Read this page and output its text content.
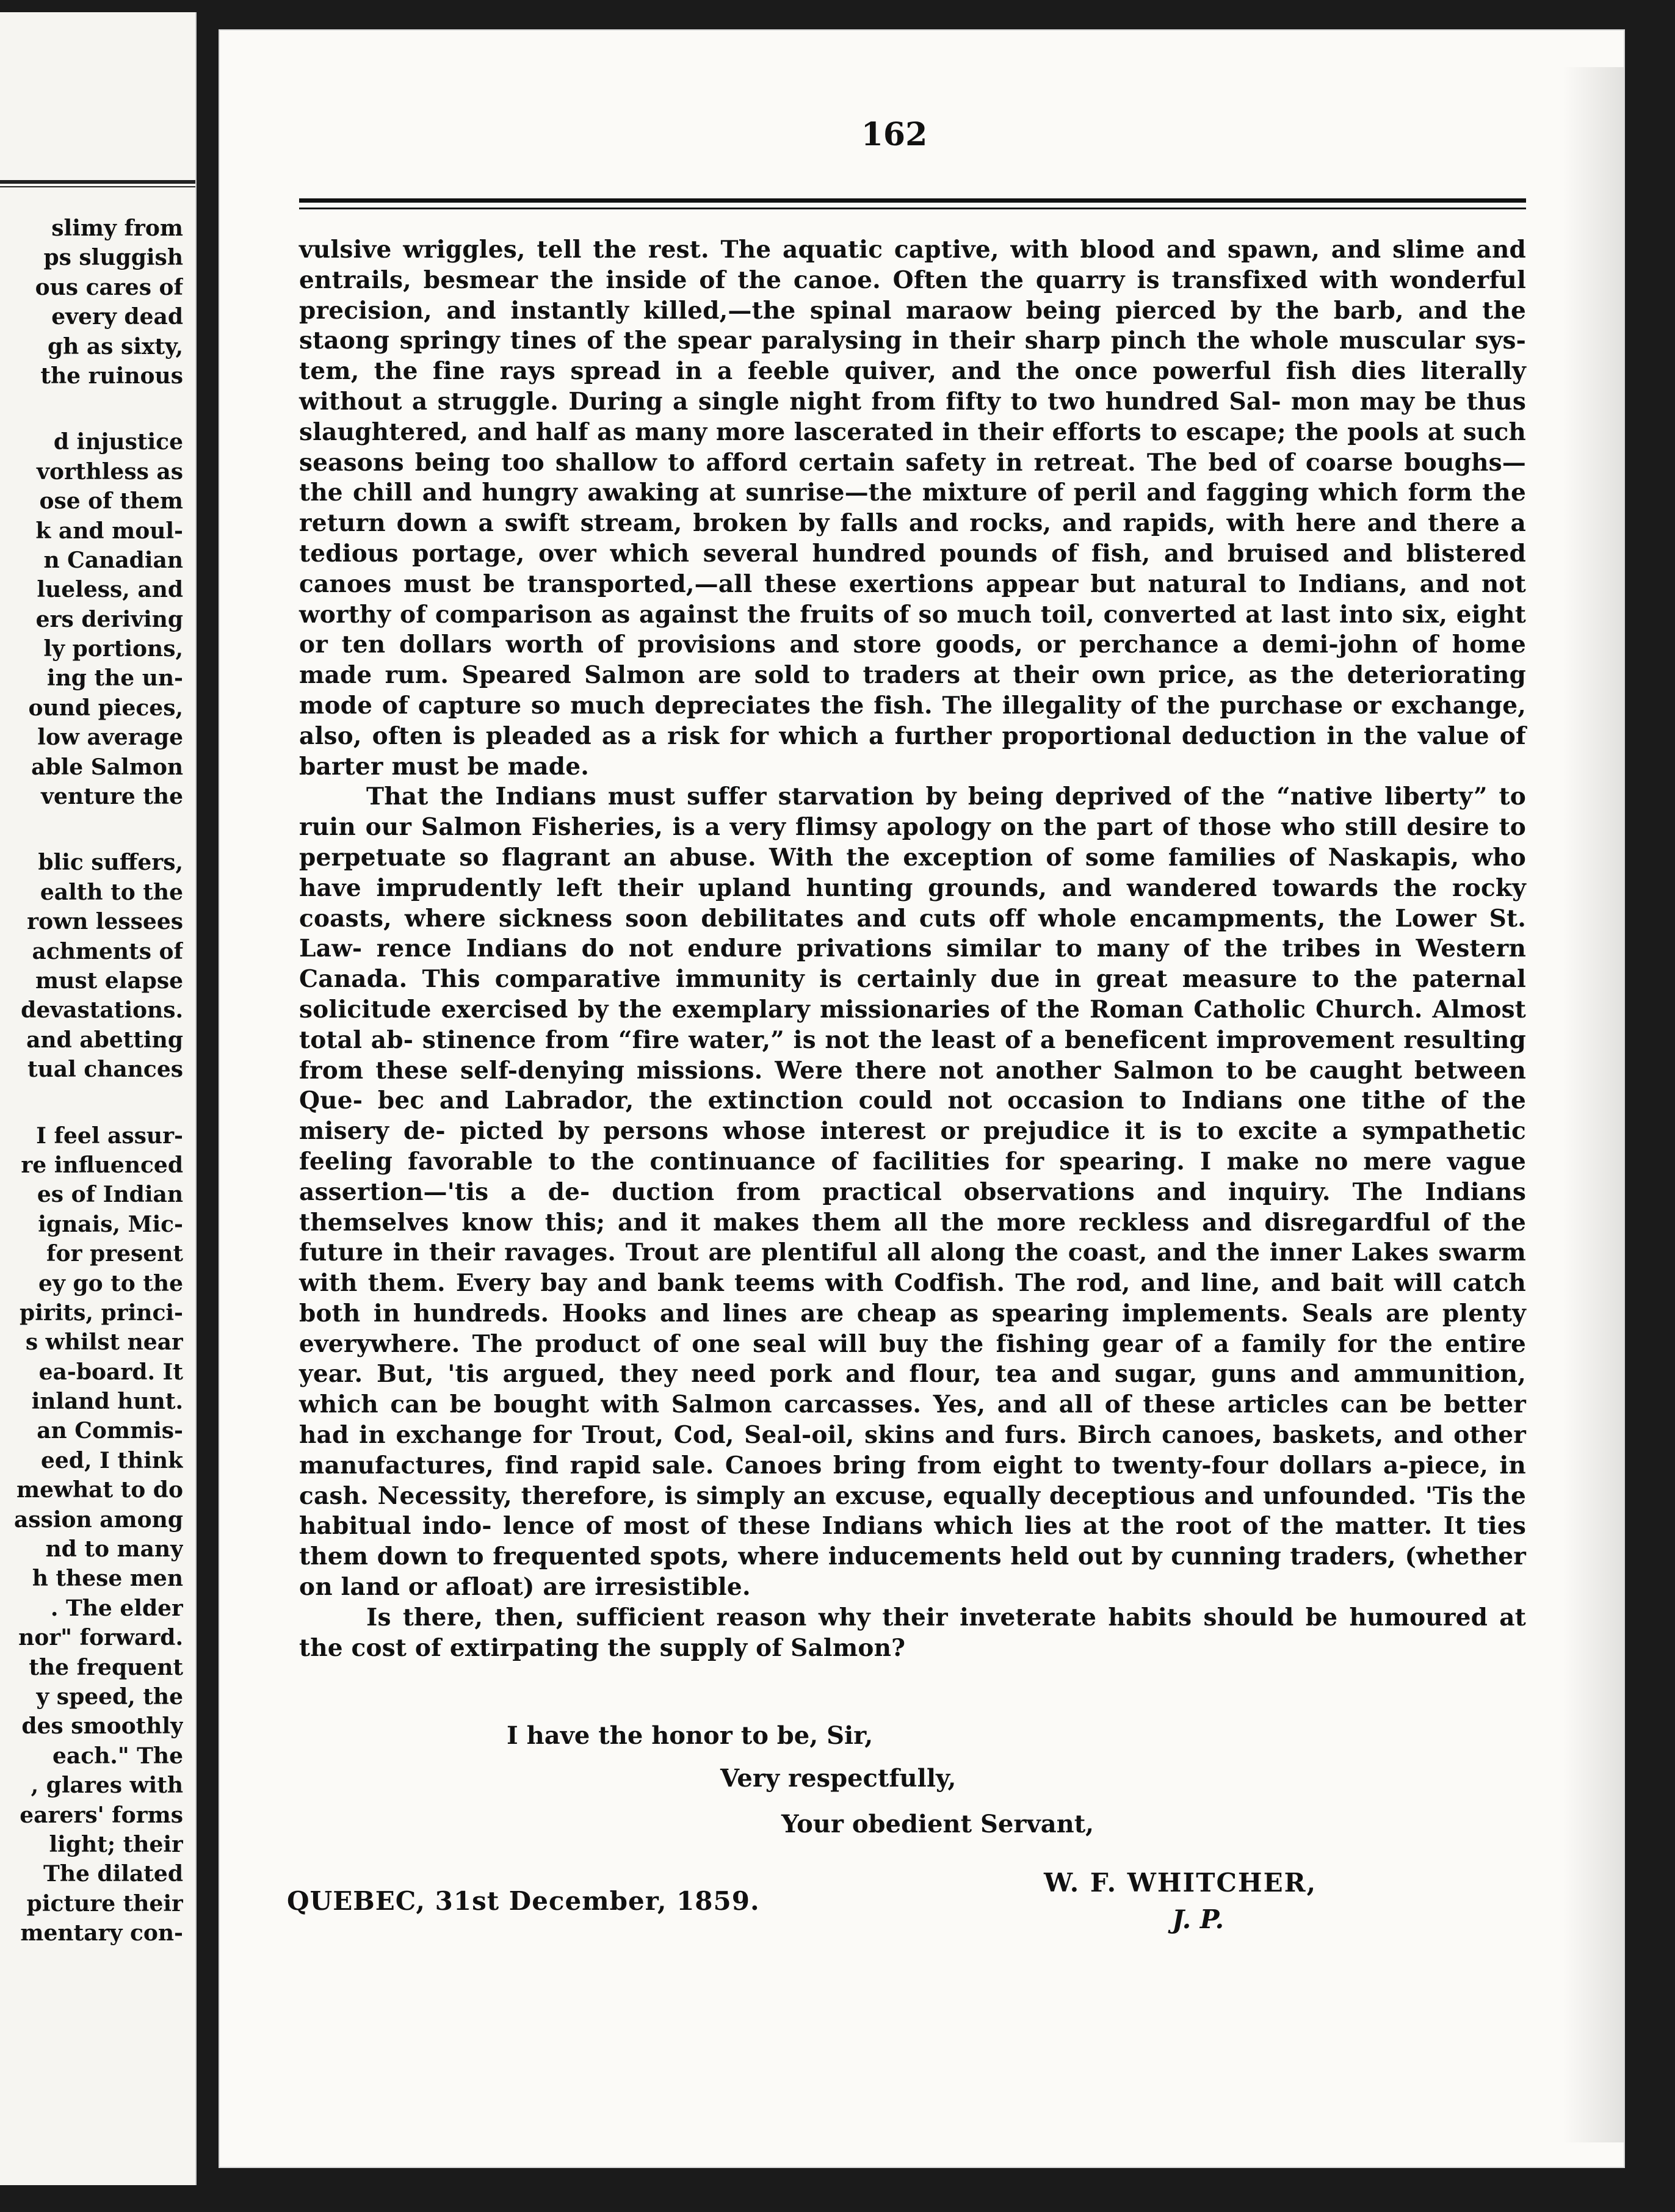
slimy from
ps sluggish
ous cares of
every dead
gh as sixty,
the ruinous
d injustice
vorthless as
ose of them
k and moul-
n Canadian
lueless, and
ers deriving
ly portions,
ing the un-
ound pieces,
low average
able Salmon
venture the
blic suffers,
ealth to the
rown lessees
achments of
must elapse
devastations.
and abetting
tual chances
I feel assur-
re influenced
es of Indian
ignais, Mic-
for present
ey go to the
pirits, princi-
s whilst near
ea-board. It
inland hunt.
an Commis-
eed, I think
mewhat to do
assion among
nd to many
h these men
. The elder
nor" forward.
the frequent
y speed, the
des smoothly
each." The
, glares with
earers' forms
light; their
The dilated
picture their
mentary con-
162

vulsive wriggles, tell the rest. The aquatic captive, with blood and spawn, and slime and entrails, besmear the inside of the canoe. Often the quarry is transfixed with wonderful precision, and instantly killed,—the spinal maraow being pierced by the barb, and the staong springy tines of the spear paralysing in their sharp pinch the whole muscular sys- tem, the fine rays spread in a feeble quiver, and the once powerful fish dies literally without a struggle. During a single night from fifty to two hundred Sal- mon may be thus slaughtered, and half as many more lascerated in their efforts to escape; the pools at such seasons being too shallow to afford certain safety in retreat. The bed of coarse boughs—the chill and hungry awaking at sunrise—the mixture of peril and fagging which form the return down a swift stream, broken by falls and rocks, and rapids, with here and there a tedious portage, over which several hundred pounds of fish, and bruised and blistered canoes must be transported,—all these exertions appear but natural to Indians, and not worthy of comparison as against the fruits of so much toil, converted at last into six, eight or ten dollars worth of provisions and store goods, or perchance a demi-john of home made rum. Speared Salmon are sold to traders at their own price, as the deteriorating mode of capture so much depreciates the fish. The illegality of the purchase or exchange, also, often is pleaded as a risk for which a further proportional deduction in the value of barter must be made.

That the Indians must suffer starvation by being deprived of the “native liberty” to ruin our Salmon Fisheries, is a very flimsy apology on the part of those who still desire to perpetuate so flagrant an abuse. With the exception of some families of Naskapis, who have imprudently left their upland hunting grounds, and wandered towards the rocky coasts, where sickness soon debilitates and cuts off whole encampments, the Lower St. Law- rence Indians do not endure privations similar to many of the tribes in Western Canada. This comparative immunity is certainly due in great measure to the paternal solicitude exercised by the exemplary missionaries of the Roman Catholic Church. Almost total ab- stinence from “fire water,” is not the least of a beneficent improvement resulting from these self-denying missions. Were there not another Salmon to be caught between Que- bec and Labrador, the extinction could not occasion to Indians one tithe of the misery de- picted by persons whose interest or prejudice it is to excite a sympathetic feeling favorable to the continuance of facilities for spearing. I make no mere vague assertion—'tis a de- duction from practical observations and inquiry. The Indians themselves know this; and it makes them all the more reckless and disregardful of the future in their ravages. Trout are plentiful all along the coast, and the inner Lakes swarm with them. Every bay and bank teems with Codfish. The rod, and line, and bait will catch both in hundreds. Hooks and lines are cheap as spearing implements. Seals are plenty everywhere. The product of one seal will buy the fishing gear of a family for the entire year. But, 'tis argued, they need pork and flour, tea and sugar, guns and ammunition, which can be bought with Salmon carcasses. Yes, and all of these articles can be better had in exchange for Trout, Cod, Seal-oil, skins and furs. Birch canoes, baskets, and other manufactures, find rapid sale. Canoes bring from eight to twenty-four dollars a-piece, in cash. Necessity, therefore, is simply an excuse, equally deceptious and unfounded. 'Tis the habitual indo- lence of most of these Indians which lies at the root of the matter. It ties them down to frequented spots, where inducements held out by cunning traders, (whether on land or afloat) are irresistible.

Is there, then, sufficient reason why their inveterate habits should be humoured at the cost of extirpating the supply of Salmon?

I have the honor to be, Sir,
Very respectfully,
Your obedient Servant,
QUEBEC, 31st December, 1859.
W. F. WHITCHER,
J. P.
